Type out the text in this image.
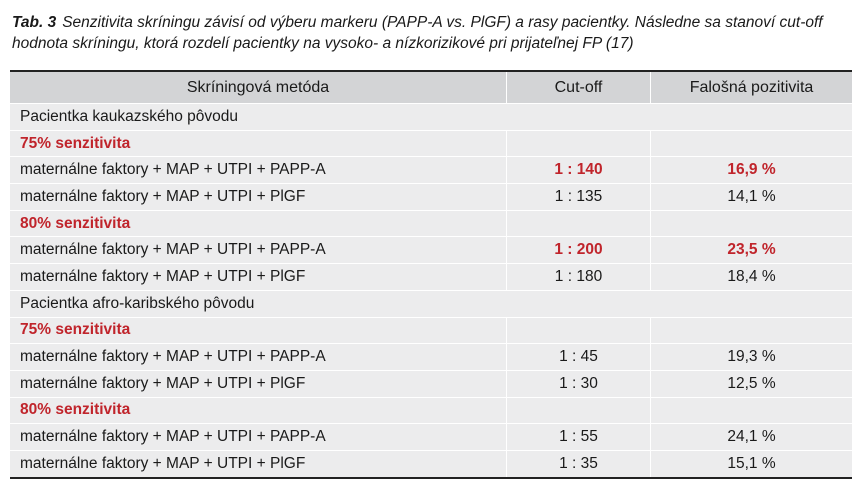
Tab. 3 Senzitivita skríningu závisí od výberu markeru (PAPP-A vs. PlGF) a rasy pacientky. Následne sa stanoví cut-off hodnota skríningu, ktorá rozdelí pacientky na vysoko- a nízkorizikové pri prijateľnej FP (17)
Skríningová metóda	Cut-off	Falošná pozitivita
Pacientka kaukazského pôvodu
75% senzitivita
maternálne faktory + MAP + UTPI + PAPP-A	1 : 140	16,9 %
maternálne faktory + MAP + UTPI + PlGF	1 : 135	14,1 %
80% senzitivita
maternálne faktory + MAP + UTPI + PAPP-A	1 : 200	23,5 %
maternálne faktory + MAP + UTPI + PlGF	1 : 180	18,4 %
Pacientka afro-karibského pôvodu
75% senzitivita
maternálne faktory + MAP + UTPI + PAPP-A	1 : 45	19,3 %
maternálne faktory + MAP + UTPI + PlGF	1 : 30	12,5 %
80% senzitivita
maternálne faktory + MAP + UTPI + PAPP-A	1 : 55	24,1 %
maternálne faktory + MAP + UTPI + PlGF	1 : 35	15,1 %
